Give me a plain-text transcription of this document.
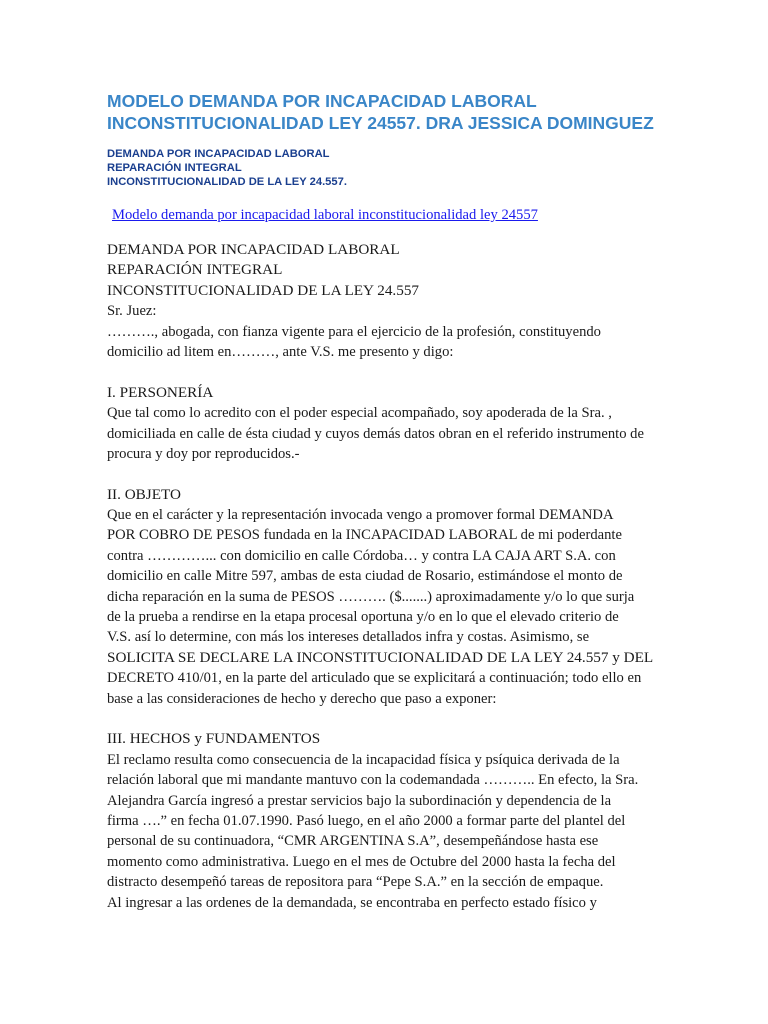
MODELO DEMANDA POR INCAPACIDAD LABORAL
INCONSTITUCIONALIDAD LEY 24557. DRA JESSICA DOMINGUEZ
DEMANDA POR INCAPACIDAD LABORAL
REPARACIÓN INTEGRAL
INCONSTITUCIONALIDAD DE LA LEY 24.557.
Modelo demanda por incapacidad laboral inconstitucionalidad ley 24557
DEMANDA POR INCAPACIDAD LABORAL
REPARACIÓN INTEGRAL
INCONSTITUCIONALIDAD DE LA LEY 24.557
Sr. Juez:
………., abogada, con fianza vigente para el ejercicio de la profesión, constituyendo
domicilio ad litem en………, ante V.S. me presento y digo:
I. PERSONERÍA
Que tal como lo acredito con el poder especial acompañado, soy apoderada de la Sra. ,
domiciliada en calle de ésta ciudad y cuyos demás datos obran en el referido instrumento de
procura y doy por reproducidos.-
II. OBJETO
Que en el carácter y la representación invocada vengo a promover formal DEMANDA
POR COBRO DE PESOS fundada en la INCAPACIDAD LABORAL de mi poderdante
contra …………... con domicilio en calle Córdoba… y contra LA CAJA ART S.A. con
domicilio en calle Mitre 597, ambas de esta ciudad de Rosario, estimándose el monto de
dicha reparación en la suma de PESOS ………. ($.......) aproximadamente y/o lo que surja
de la prueba a rendirse en la etapa procesal oportuna y/o en lo que el elevado criterio de
V.S. así lo determine, con más los intereses detallados infra y costas. Asimismo, se
SOLICITA SE DECLARE LA INCONSTITUCIONALIDAD DE LA LEY 24.557 y DEL
DECRETO 410/01, en la parte del articulado que se explicitará a continuación; todo ello en
base a las consideraciones de hecho y derecho que paso a exponer:
III. HECHOS y FUNDAMENTOS
El reclamo resulta como consecuencia de la incapacidad física y psíquica derivada de la
relación laboral que mi mandante mantuvo con la codemandada ……….. En efecto, la Sra.
Alejandra García ingresó a prestar servicios bajo la subordinación y dependencia de la
firma ….” en fecha 01.07.1990. Pasó luego, en el año 2000 a formar parte del plantel del
personal de su continuadora, “CMR ARGENTINA S.A”, desempeñándose hasta ese
momento como administrativa. Luego en el mes de Octubre del 2000 hasta la fecha del
distracto desempeñó tareas de repositora para “Pepe S.A.” en la sección de empaque.
Al ingresar a las ordenes de la demandada, se encontraba en perfecto estado físico y
